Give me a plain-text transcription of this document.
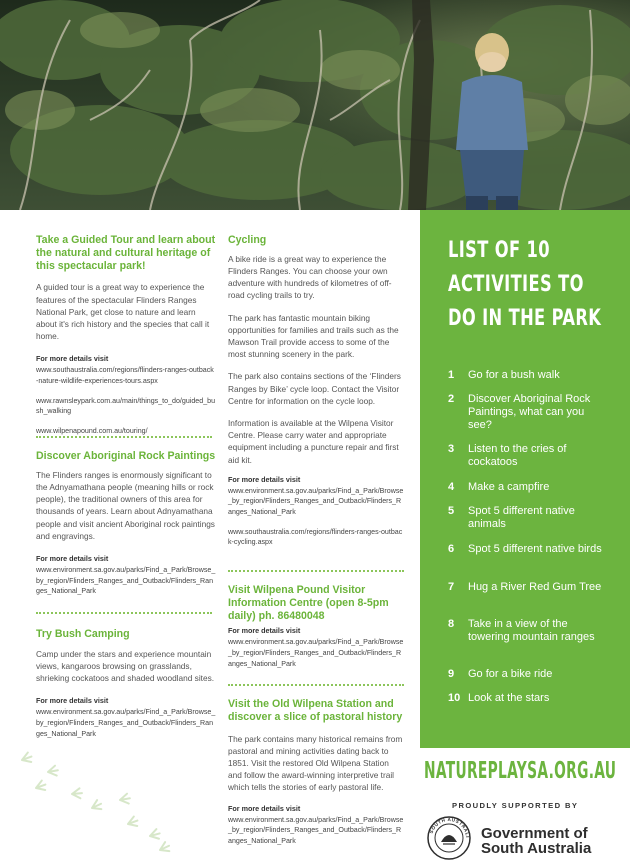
Take a Guided Tour and learn about the natural and cultural heritage of this spectacular park!

A guided tour is a great way to experience the features of the spectacular Flinders Ranges National Park, get close to nature and learn about it's rich history and the species that call it home.

For more details visit

www.southaustralia.com/regions/flinders-ranges-outback-nature-wildlife-experiences-tours.aspx

www.rawnsleypark.com.au/main/things_to_do/guided_bush_walking

www.wilpenapound.com.au/touring/

Discover Aboriginal Rock Paintings

The Flinders ranges is enormously significant to the Adnyamathana people (meaning hills or rock people), the traditional owners of this area for thousands of years. Learn about Adnyamathana people and visit ancient Aboriginal rock paintings and engravings.

For more details visit

www.environment.sa.gov.au/parks/Find_a_Park/Browse_by_region/Flinders_Ranges_and_Outback/Flinders_Ranges_National_Park

Try Bush Camping

Camp under the stars and experience mountain views, kangaroos browsing on grasslands, shrieking cockatoos and shaded woodland sites.

For more details visit

www.environment.sa.gov.au/parks/Find_a_Park/Browse_by_region/Flinders_Ranges_and_Outback/Flinders_Ranges_National_Park

Cycling

A bike ride is a great way to experience the Flinders Ranges. You can choose your own adventure with hundreds of kilometres of off-road cycling trails to try.

The park has fantastic mountain biking opportunities for families and trails such as the Mawson Trail provide access to some of the most stunning scenery in the park.

The park also contains sections of the ‘Flinders Ranges by Bike’ cycle loop. Contact the Visitor Centre for information on the cycle loop.

Information is available at the Wilpena Visitor Centre. Please carry water and appropriate equipment including a puncture repair and first aid kit.

For more details visit

www.environment.sa.gov.au/parks/Find_a_Park/Browse_by_region/Flinders_Ranges_and_Outback/Flinders_Ranges_National_Park

www.southaustralia.com/regions/flinders-ranges-outback-cycling.aspx

Visit Wilpena Pound Visitor Information Centre (open 8-5pm daily) ph. 86480048

For more details visit

www.environment.sa.gov.au/parks/Find_a_Park/Browse_by_region/Flinders_Ranges_and_Outback/Flinders_Ranges_National_Park

Visit the Old Wilpena Station and discover a slice of pastoral history

The park contains many historical remains from pastoral and mining activities dating back to 1851. Visit the restored Old Wilpena Station and follow the award-winning interpretive trail which tells the stories of early pastoral life.

For more details visit

www.environment.sa.gov.au/parks/Find_a_Park/Browse_by_region/Flinders_Ranges_and_Outback/Flinders_Ranges_National_Park

LIST OF 10
ACTIVITIES TO
DO IN THE PARK
1	Go for a bush walk
2	Discover Aboriginal Rock Paintings, what can you see?
3	Listen to the cries of cockatoos
4	Make a campfire
5	Spot 5 different native animals
6	Spot 5 different native birds
7	Hug a River Red Gum Tree
8	Take in a view of the towering mountain ranges
9	Go for a bike ride
10 Look at the stars
NATUREPLAYSA.ORG.AU
PROUDLY SUPPORTED BY
SOUTH AUSTRALI Government of
South Australia
